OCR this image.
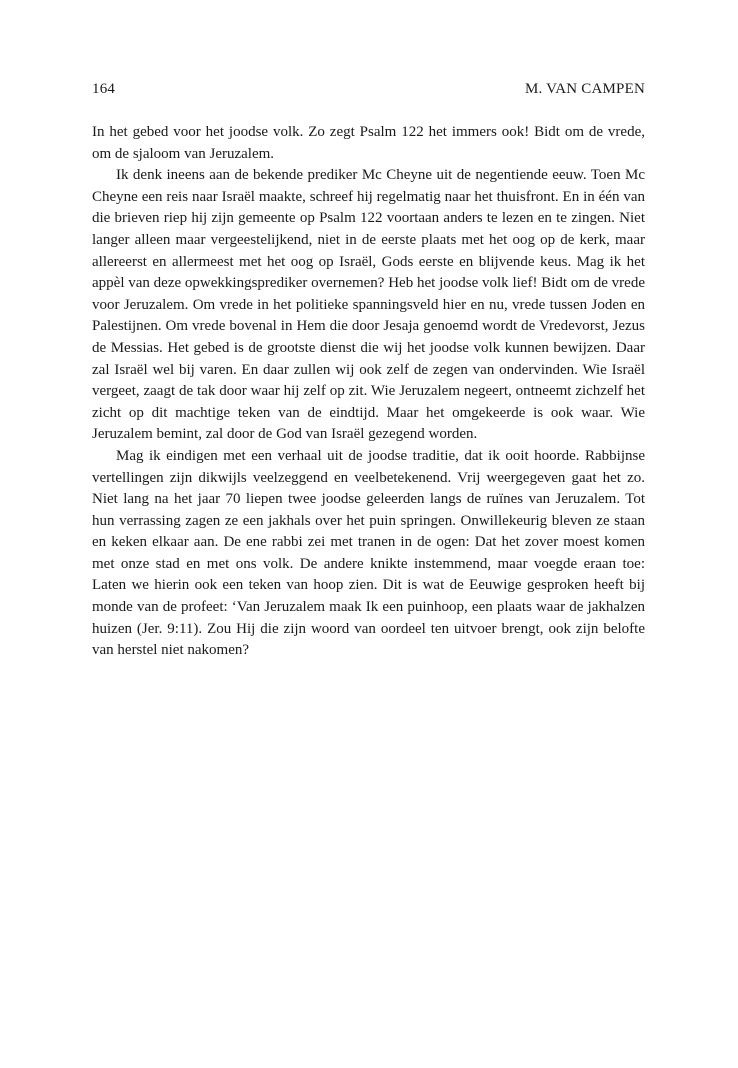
164	M. VAN CAMPEN

In het gebed voor het joodse volk. Zo zegt Psalm 122 het immers ook! Bidt om de vrede, om de sjaloom van Jeruzalem.

Ik denk ineens aan de bekende prediker Mc Cheyne uit de negentiende eeuw. Toen Mc Cheyne een reis naar Israël maakte, schreef hij regelmatig naar het thuisfront. En in één van die brieven riep hij zijn gemeente op Psalm 122 voortaan anders te lezen en te zingen. Niet langer alleen maar vergeestelijkend, niet in de eerste plaats met het oog op de kerk, maar allereerst en allermeest met het oog op Israël, Gods eerste en blijvende keus. Mag ik het appèl van deze opwekkingsprediker overnemen? Heb het joodse volk lief! Bidt om de vrede voor Jeruzalem. Om vrede in het politieke spanningsveld hier en nu, vrede tussen Joden en Palestijnen. Om vrede bovenal in Hem die door Jesaja genoemd wordt de Vredevorst, Jezus de Messias. Het gebed is de grootste dienst die wij het joodse volk kunnen bewijzen. Daar zal Israël wel bij varen. En daar zullen wij ook zelf de zegen van ondervinden. Wie Israël vergeet, zaagt de tak door waar hij zelf op zit. Wie Jeruzalem negeert, ontneemt zichzelf het zicht op dit machtige teken van de eindtijd. Maar het omgekeerde is ook waar. Wie Jeruzalem bemint, zal door de God van Israël gezegend worden.

Mag ik eindigen met een verhaal uit de joodse traditie, dat ik ooit hoorde. Rabbijnse vertellingen zijn dikwijls veelzeggend en veelbetekenend. Vrij weergegeven gaat het zo. Niet lang na het jaar 70 liepen twee joodse geleerden langs de ruïnes van Jeruzalem. Tot hun verrassing zagen ze een jakhals over het puin springen. Onwillekeurig bleven ze staan en keken elkaar aan. De ene rabbi zei met tranen in de ogen: Dat het zover moest komen met onze stad en met ons volk. De andere knikte instemmend, maar voegde eraan toe: Laten we hierin ook een teken van hoop zien. Dit is wat de Eeuwige gesproken heeft bij monde van de profeet: ‘Van Jeruzalem maak Ik een puinhoop, een plaats waar de jakhalzen huizen (Jer. 9:11). Zou Hij die zijn woord van oordeel ten uitvoer brengt, ook zijn belofte van herstel niet nakomen?
